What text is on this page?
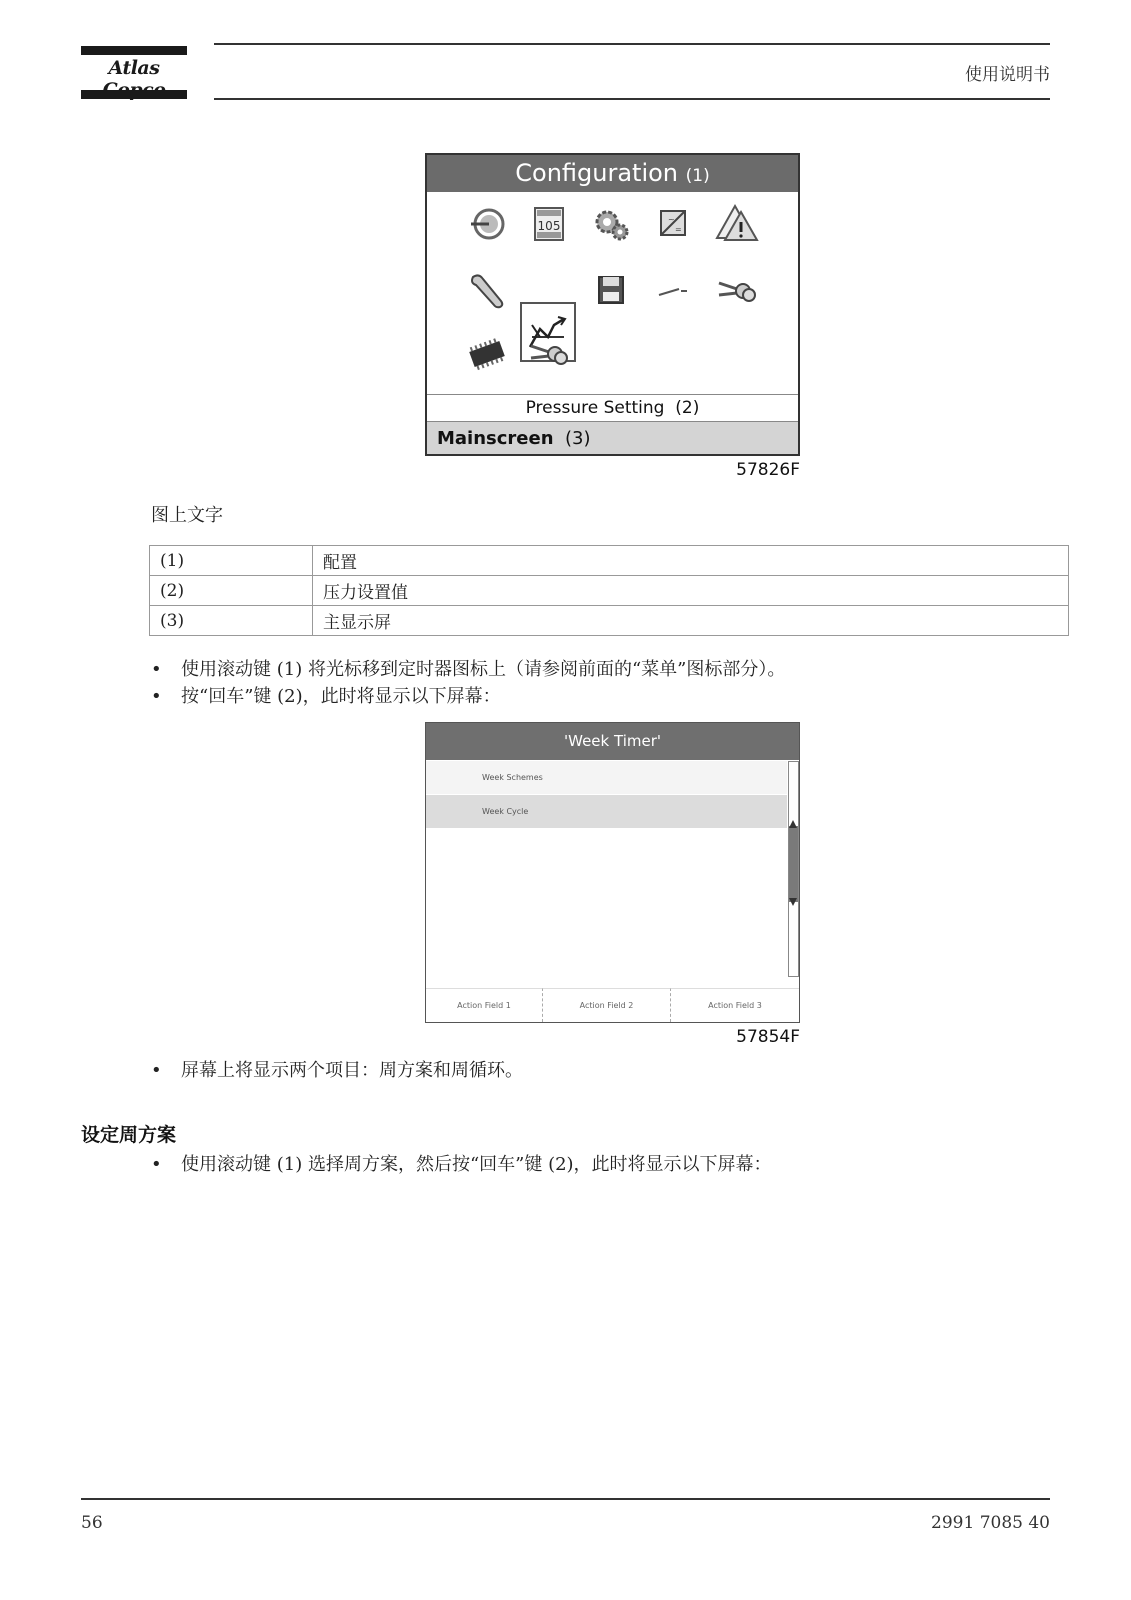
Atlas	使用说明书
Configuration (1)
105	~
=
Pressure Setting (2)
Mainscreen (3)
57826F
图上文字
(1)	配置
(2)	压力设置值
(3)	主显示屏
• 使用滚动键 (1) 将光标移到定时器图标上（请参阅前面的“菜单”图标部分）。
• 按“回车”键 (2)，此时将显示以下屏幕：
'Week Timer'
Week Schemes
Week Cycle
Action Field 1	Action Field 2	Action Field 3
57854F
• 屏幕上将显示两个项目：周方案和周循环。
设定周方案
• 使用滚动键 (1) 选择周方案，然后按“回车”键 (2)，此时将显示以下屏幕：
56	2991 7085 40
